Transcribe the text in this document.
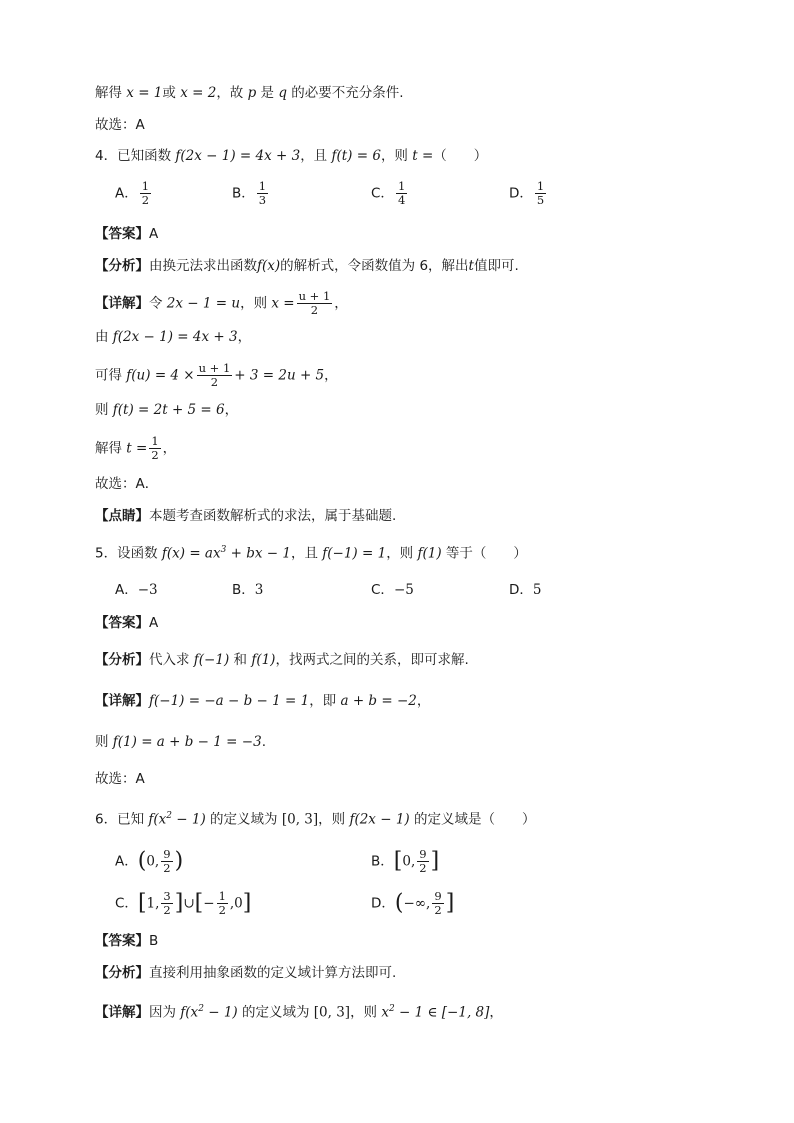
解得 x = 1或 x = 2，故 p 是 q 的必要不充分条件.
故选：A
4．已知函数 f(2x − 1) = 4x + 3，且 f(t) = 6，则 t =（　　）
A． $\frac{1}{2}$	B． $\frac{1}{3}$	C． $\frac{1}{4}$	D． $\frac{1}{5}$
【答案】A
【分析】由换元法求出函数f(x)的解析式，令函数值为 6，解出t值即可.
【详解】令 2x − 1 = u，则 $x = \frac{u + 1}{2}$ ，
由 f(2x − 1) = 4x + 3，
可得 $f(u) = 4 \times \frac{u + 1}{2} + 3 = 2u + 5$，
则 f(t) = 2t + 5 = 6，
解得 $t = \frac{1}{2}$ ，
故选：A．
【点睛】本题考查函数解析式的求法，属于基础题.
5．设函数 $f(x) = ax^3$ + bx − 1，且 f(−1) = 1，则 f(1) 等于（　　）
A．−3	B．3	C．−5	D．5
【答案】A
【分析】代入求 f(−1) 和 f(1)，找两式之间的关系，即可求解.
【详解】f(−1) = −a − b − 1 = 1，即 a + b = −2，
则 f(1) = a + b − 1 = −3.
故选：A
6．已知 $f(x^2 - 1)$ 的定义域为 [0, 3]，则 f(2x − 1) 的定义域是（　　）
A．(0, $\frac{9}{2}$ )	B．[0, $\frac{9}{2}$ ]
C．[1, $\frac{3}{2}$ ]∪[− $\frac{1}{2} ,0$]	D．(−∞, $\frac{9}{2}$ ]
【答案】B
【分析】直接利用抽象函数的定义域计算方法即可.
【详解】因为 $f(x^2 - 1)$ 的定义域为 [0, 3]，则 $x^2 - 1$ ∈ [−1, 8]，
